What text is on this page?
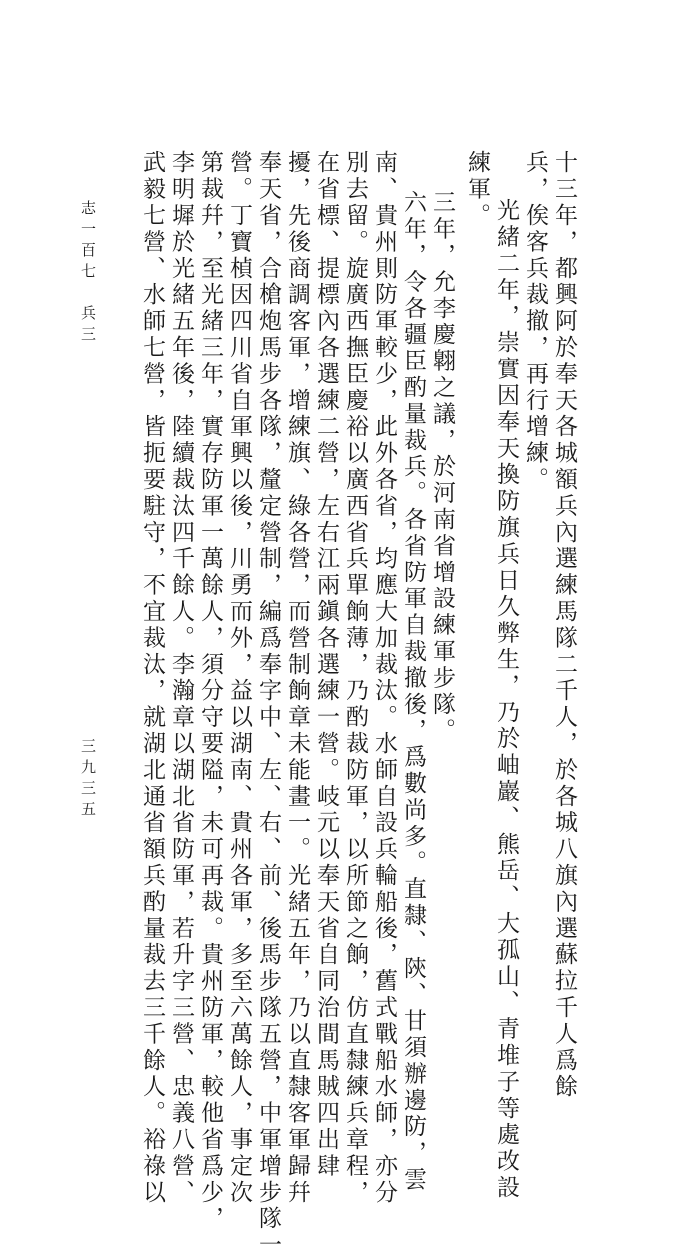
十三年，都興阿於奉天各城額兵內選練馬隊二千人，於各城八旗內選蘇拉千人爲餘
兵，俟客兵裁撤，再行增練。
光緒二年，崇實因奉天換防旗兵日久弊生，乃於岫巖、熊岳、大孤山、青堆子等處改設
練軍。
三年，允李慶翺之議，於河南省增設練軍步隊。
六年，令各疆臣酌量裁兵。各省防軍自裁撤後，爲數尚多。直隸、陝、甘須辦邊防，雲
南、貴州則防軍較少，此外各省，均應大加裁汰。水師自設兵輪船後，舊式戰船水師，亦分
別去留。旋廣西撫臣慶裕以廣西省兵單餉薄，乃酌裁防軍，以所節之餉，仿直隸練兵章程，
在省標、提標內各選練二營，左右江兩鎭各選練一營。岐元以奉天省自同治間馬賊四出肆
擾，先後商調客軍，增練旗、綠各營，而營制餉章未能畫一。光緒五年，乃以直隸客軍歸幷
奉天省，合槍炮馬步各隊，釐定營制，編爲奉字中、左、右、前、後馬步隊五營，中軍增步隊一
營。丁寶楨因四川省自軍興以後，川勇而外，益以湖南、貴州各軍，多至六萬餘人，事定次
第裁幷，至光緒三年，實存防軍一萬餘人，須分守要隘，未可再裁。貴州防軍，較他省爲少，
李明墀於光緒五年後，陸續裁汰四千餘人。李瀚章以湖北省防軍，若升字三營、忠義八營、
武毅七營、水師七營，皆扼要駐守，不宜裁汰，就湖北通省額兵酌量裁去三千餘人。裕祿以
志一百七　兵三
三九三五
